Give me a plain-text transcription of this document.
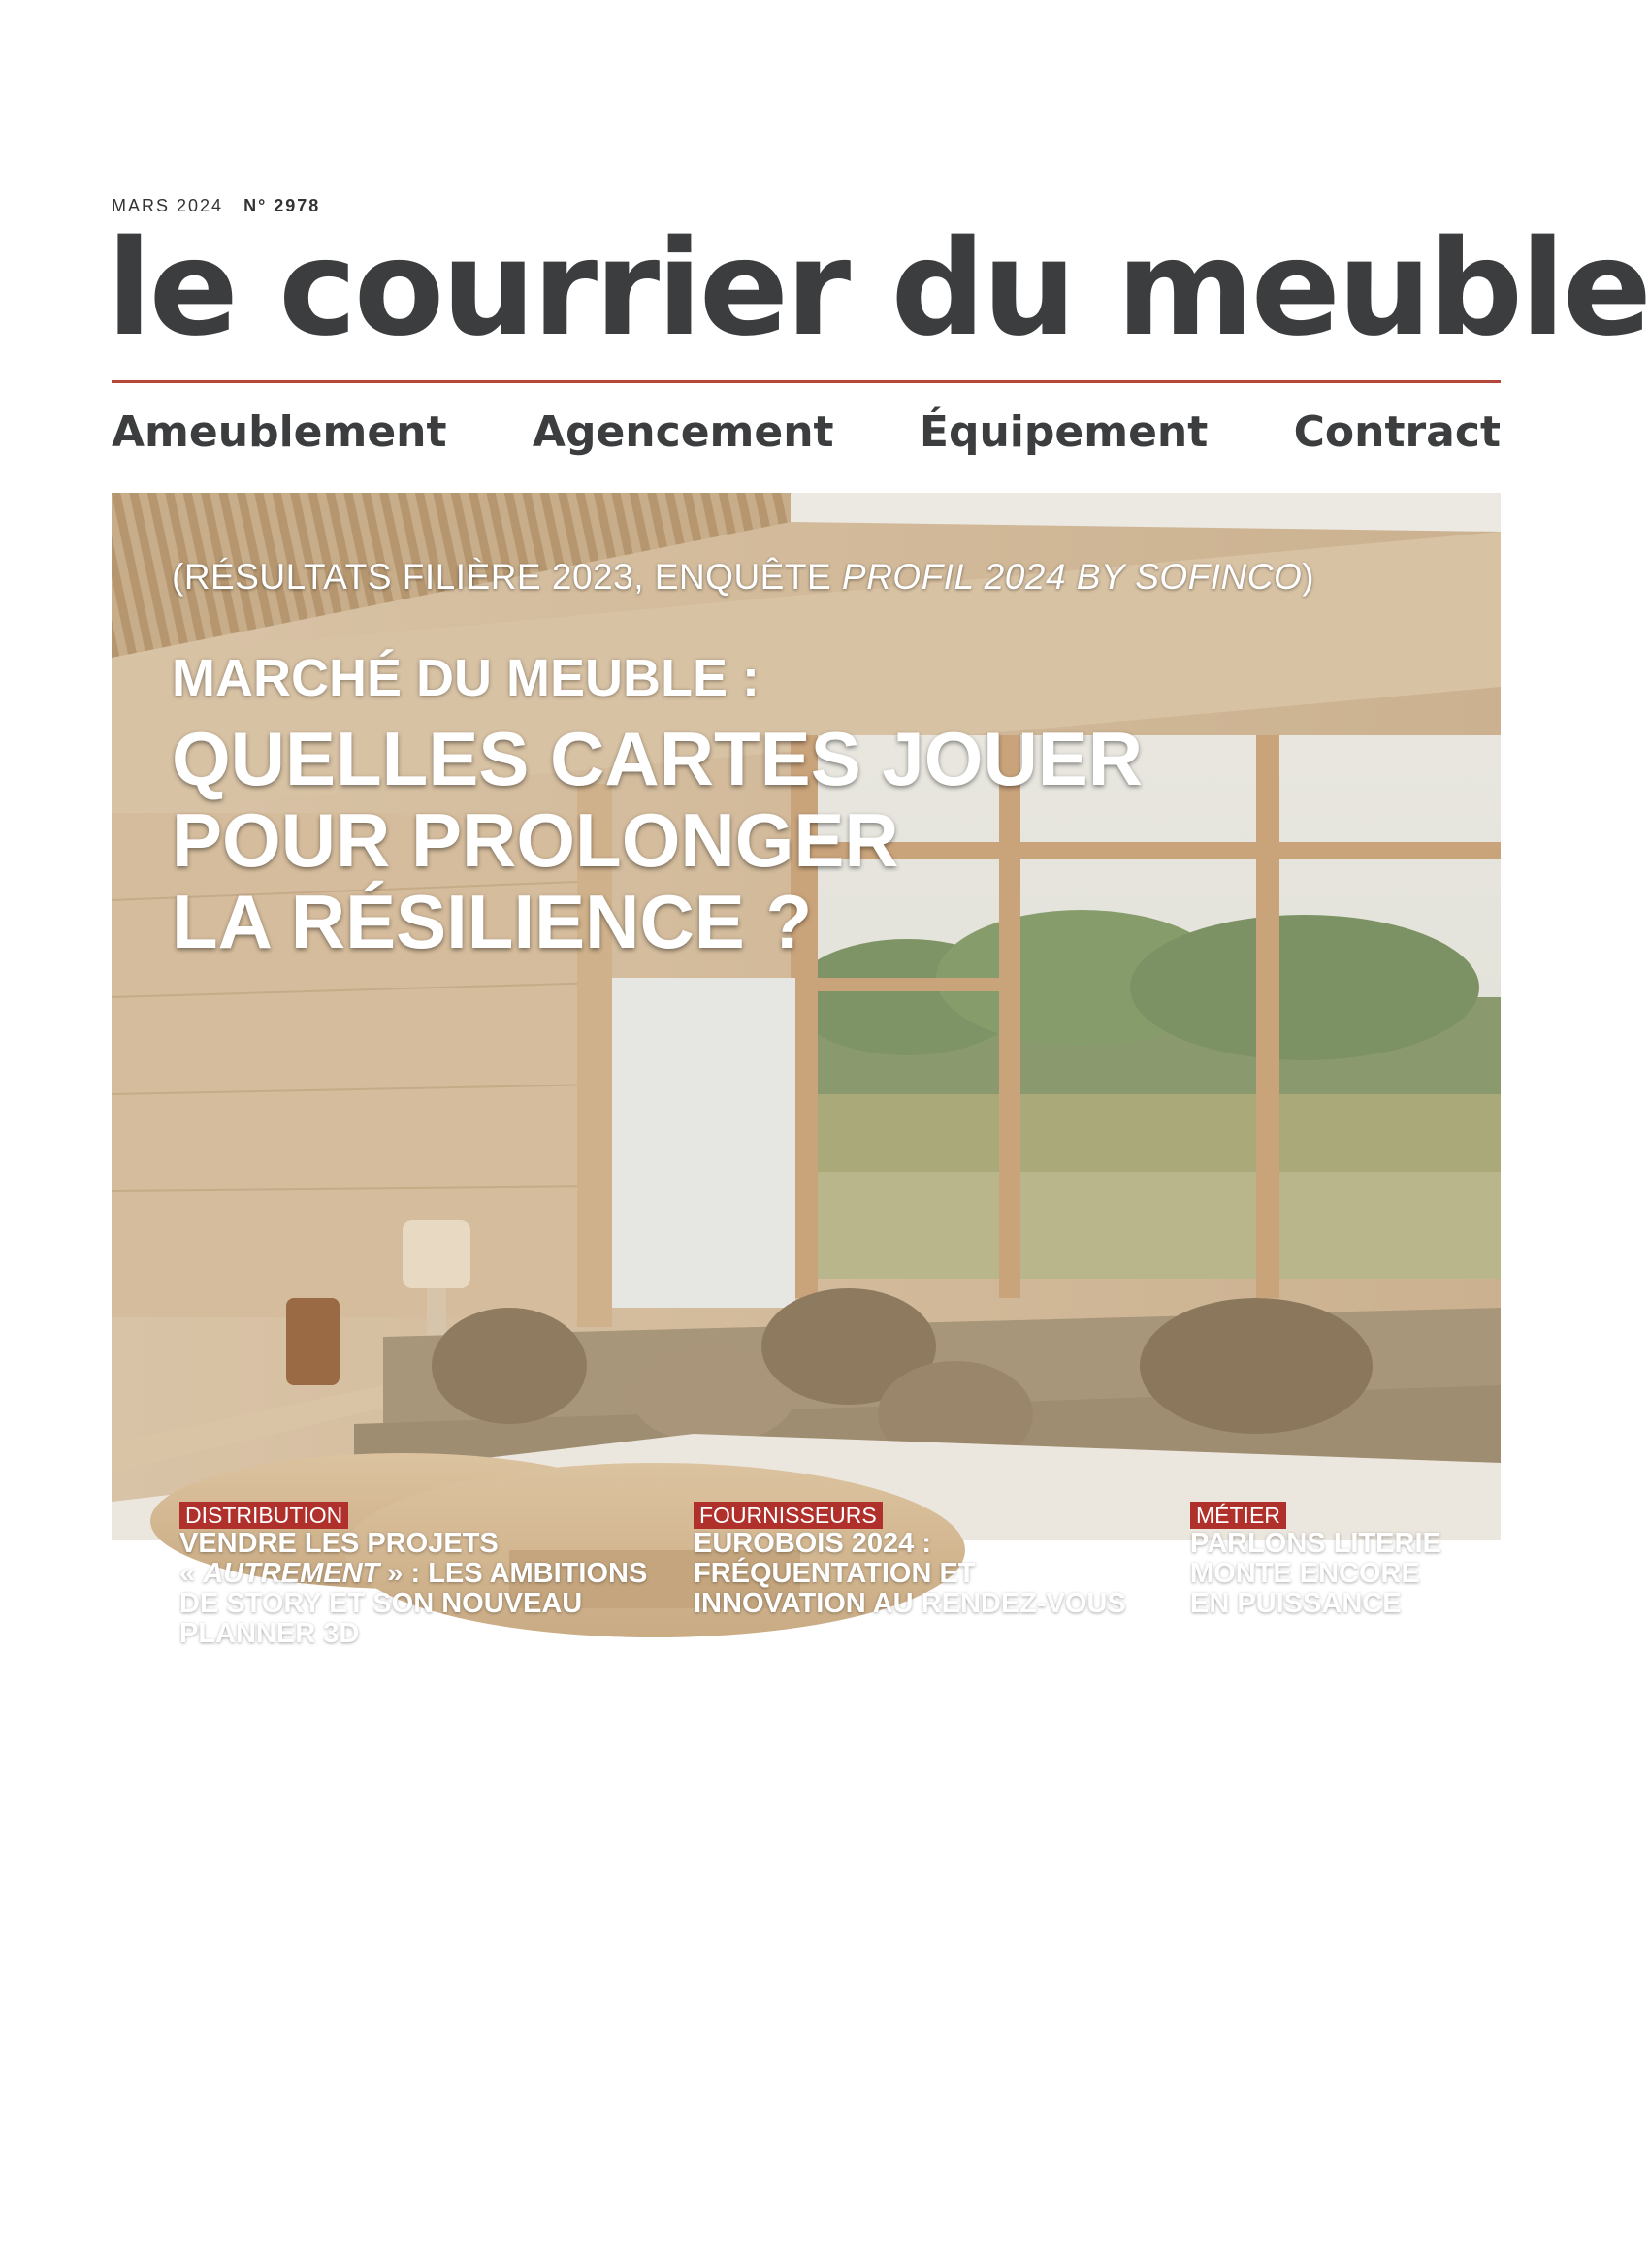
MARS 2024 N° 2978
le courrier du meuble
Ameublement Agencement Équipement Contract
(RÉSULTATS FILIÈRE 2023, ENQUÊTE PROFIL 2024 BY SOFINCO)
MARCHÉ DU MEUBLE :
QUELLES CARTES JOUER
POUR PROLONGER
LA RÉSILIENCE ?
DISTRIBUTION
VENDRE LES PROJETS
« AUTREMENT » : LES AMBITIONS
DE STORY ET SON NOUVEAU
PLANNER 3D
FOURNISSEURS
EUROBOIS 2024 :
FRÉQUENTATION ET
INNOVATION AU RENDEZ-VOUS
MÉTIER
PARLONS LITERIE
MONTE ENCORE
EN PUISSANCE
